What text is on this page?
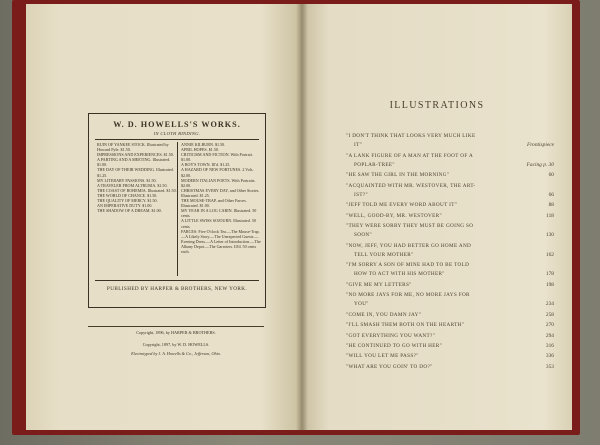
W. D. HOWELLS'S WORKS.
IN CLOTH BINDING.
RUIN OF YANKEE STOCK. Illustrated by Howard Pyle. $1.50.
IMPRESSIONS AND EXPERIENCES. $1.50.
A PARTING AND A MEETING. Illustrated. $1.00.
THE DAY OF THEIR WEDDING. Illustrated. $1.25.
MY LITERARY PASSIONS. $1.50.
A TRAVELER FROM ALTRURIA. $1.50.
THE COAST OF BOHEMIA. Illustrated. $1.50.
THE WORLD OF CHANCE. $1.50.
THE QUALITY OF MERCY. $1.50.
AN IMPERATIVE DUTY. $1.00.
THE SHADOW OF A DREAM. $1.00.
ANNIE KILBURN. $1.50.
APRIL HOPES. $1.50.
CRITICISM AND FICTION. With Portrait. $1.00.
A BOY'S TOWN. Ill'd. $1.25.
A HAZARD OF NEW FORTUNES. 2 Vols. $2.00.
MODERN ITALIAN POETS. With Portraits. $2.00.
CHRISTMAS EVERY DAY, and Other Stories. Illustrated. $1.25.
THE MOUSE-TRAP, and Other Farces. Illustrated. $1.00.
MY YEAR IN A LOG CABIN. Illustrated. 50 cents.
A LITTLE SWISS SOJOURN. Illustrated. 50 cents.
FARCES: Five O'clock Tea.—The Mouse-Trap.—A Likely Story.—The Unexpected Guests.—Evening Dress.—A Letter of Introduction.—The Albany Depot.—The Garroters. Ill'd. 50 cents each.
PUBLISHED BY HARPER & BROTHERS, NEW YORK.
Copyright, 1896, by HARPER & BROTHERS.
Copyright, 1897, by W. D. HOWELLS.
Electrotyped by J. A. Howells & Co., Jefferson, Ohio.
ILLUSTRATIONS
"I DON'T THINK THAT LOOKS VERY MUCH LIKE
IT"	Frontispiece
"A LANK FIGURE OF A MAN AT THE FOOT OF A
POPLAR-TREE"	Facing p. 30
"HE SAW THE GIRL IN THE MORNING"	60
"ACQUAINTED WITH MR. WESTOVER, THE ART-
IST?"	66
"JEFF TOLD ME EVERY WORD ABOUT IT"	88
"WELL, GOOD-BY, MR. WESTOVER"	118
"THEY WERE SORRY THEY MUST BE GOING SO
SOON"	130
"NOW, JEFF, YOU HAD BETTER GO HOME AND
TELL YOUR MOTHER"	162
"I'M SORRY A SON OF MINE HAD TO BE TOLD
HOW TO ACT WITH HIS MOTHER"	178
"GIVE ME MY LETTERS"	198
"NO MORE JAYS FOR ME, NO MORE JAYS FOR
YOU"	234
"COME IN, YOU DAMN JAY"	258
"I'LL SMASH THEM BOTH ON THE HEARTH"	270
"GOT EVERYTHING YOU WANT?"	294
"HE CONTINUED TO GO WITH HER"	316
"WILL YOU LET ME PASS?"	336
"WHAT ARE YOU GOIN' TO DO?"	353
